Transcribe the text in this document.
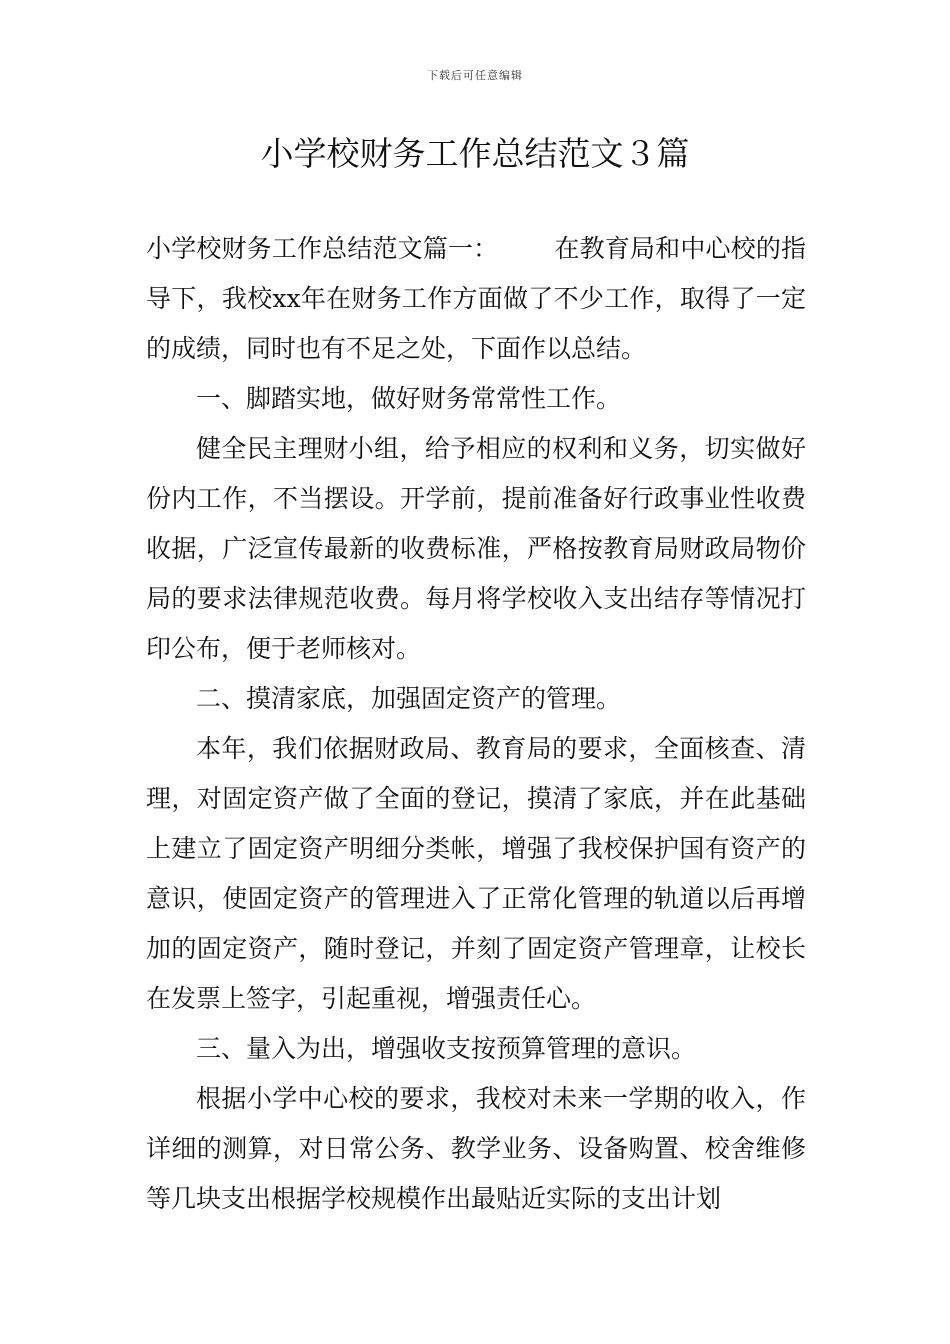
下载后可任意编辑
小学校财务工作总结范文３篇

小学校财务工作总结范文篇一： 在教育局和中心校的指导下，我校xx年在财务工作方面做了不少工作，取得了一定的成绩，同时也有不足之处，下面作以总结。

一、脚踏实地，做好财务常常性工作。

健全民主理财小组，给予相应的权利和义务，切实做好份内工作，不当摆设。开学前，提前准备好行政事业性收费收据，广泛宣传最新的收费标准，严格按教育局财政局物价局的要求法律规范收费。每月将学校收入支出结存等情况打印公布，便于老师核对。

二、摸清家底，加强固定资产的管理。

本年，我们依据财政局、教育局的要求，全面核查、清理，对固定资产做了全面的登记，摸清了家底，并在此基础上建立了固定资产明细分类帐，增强了我校保护国有资产的意识，使固定资产的管理进入了正常化管理的轨道以后再增加的固定资产，随时登记，并刻了固定资产管理章，让校长在发票上签字，引起重视，增强责任心。

三、量入为出，增强收支按预算管理的意识。

根据小学中心校的要求，我校对未来一学期的收入，作详细的测算，对日常公务、教学业务、设备购置、校舍维修等几块支出根据学校规模作出最贴近实际的支出计划
